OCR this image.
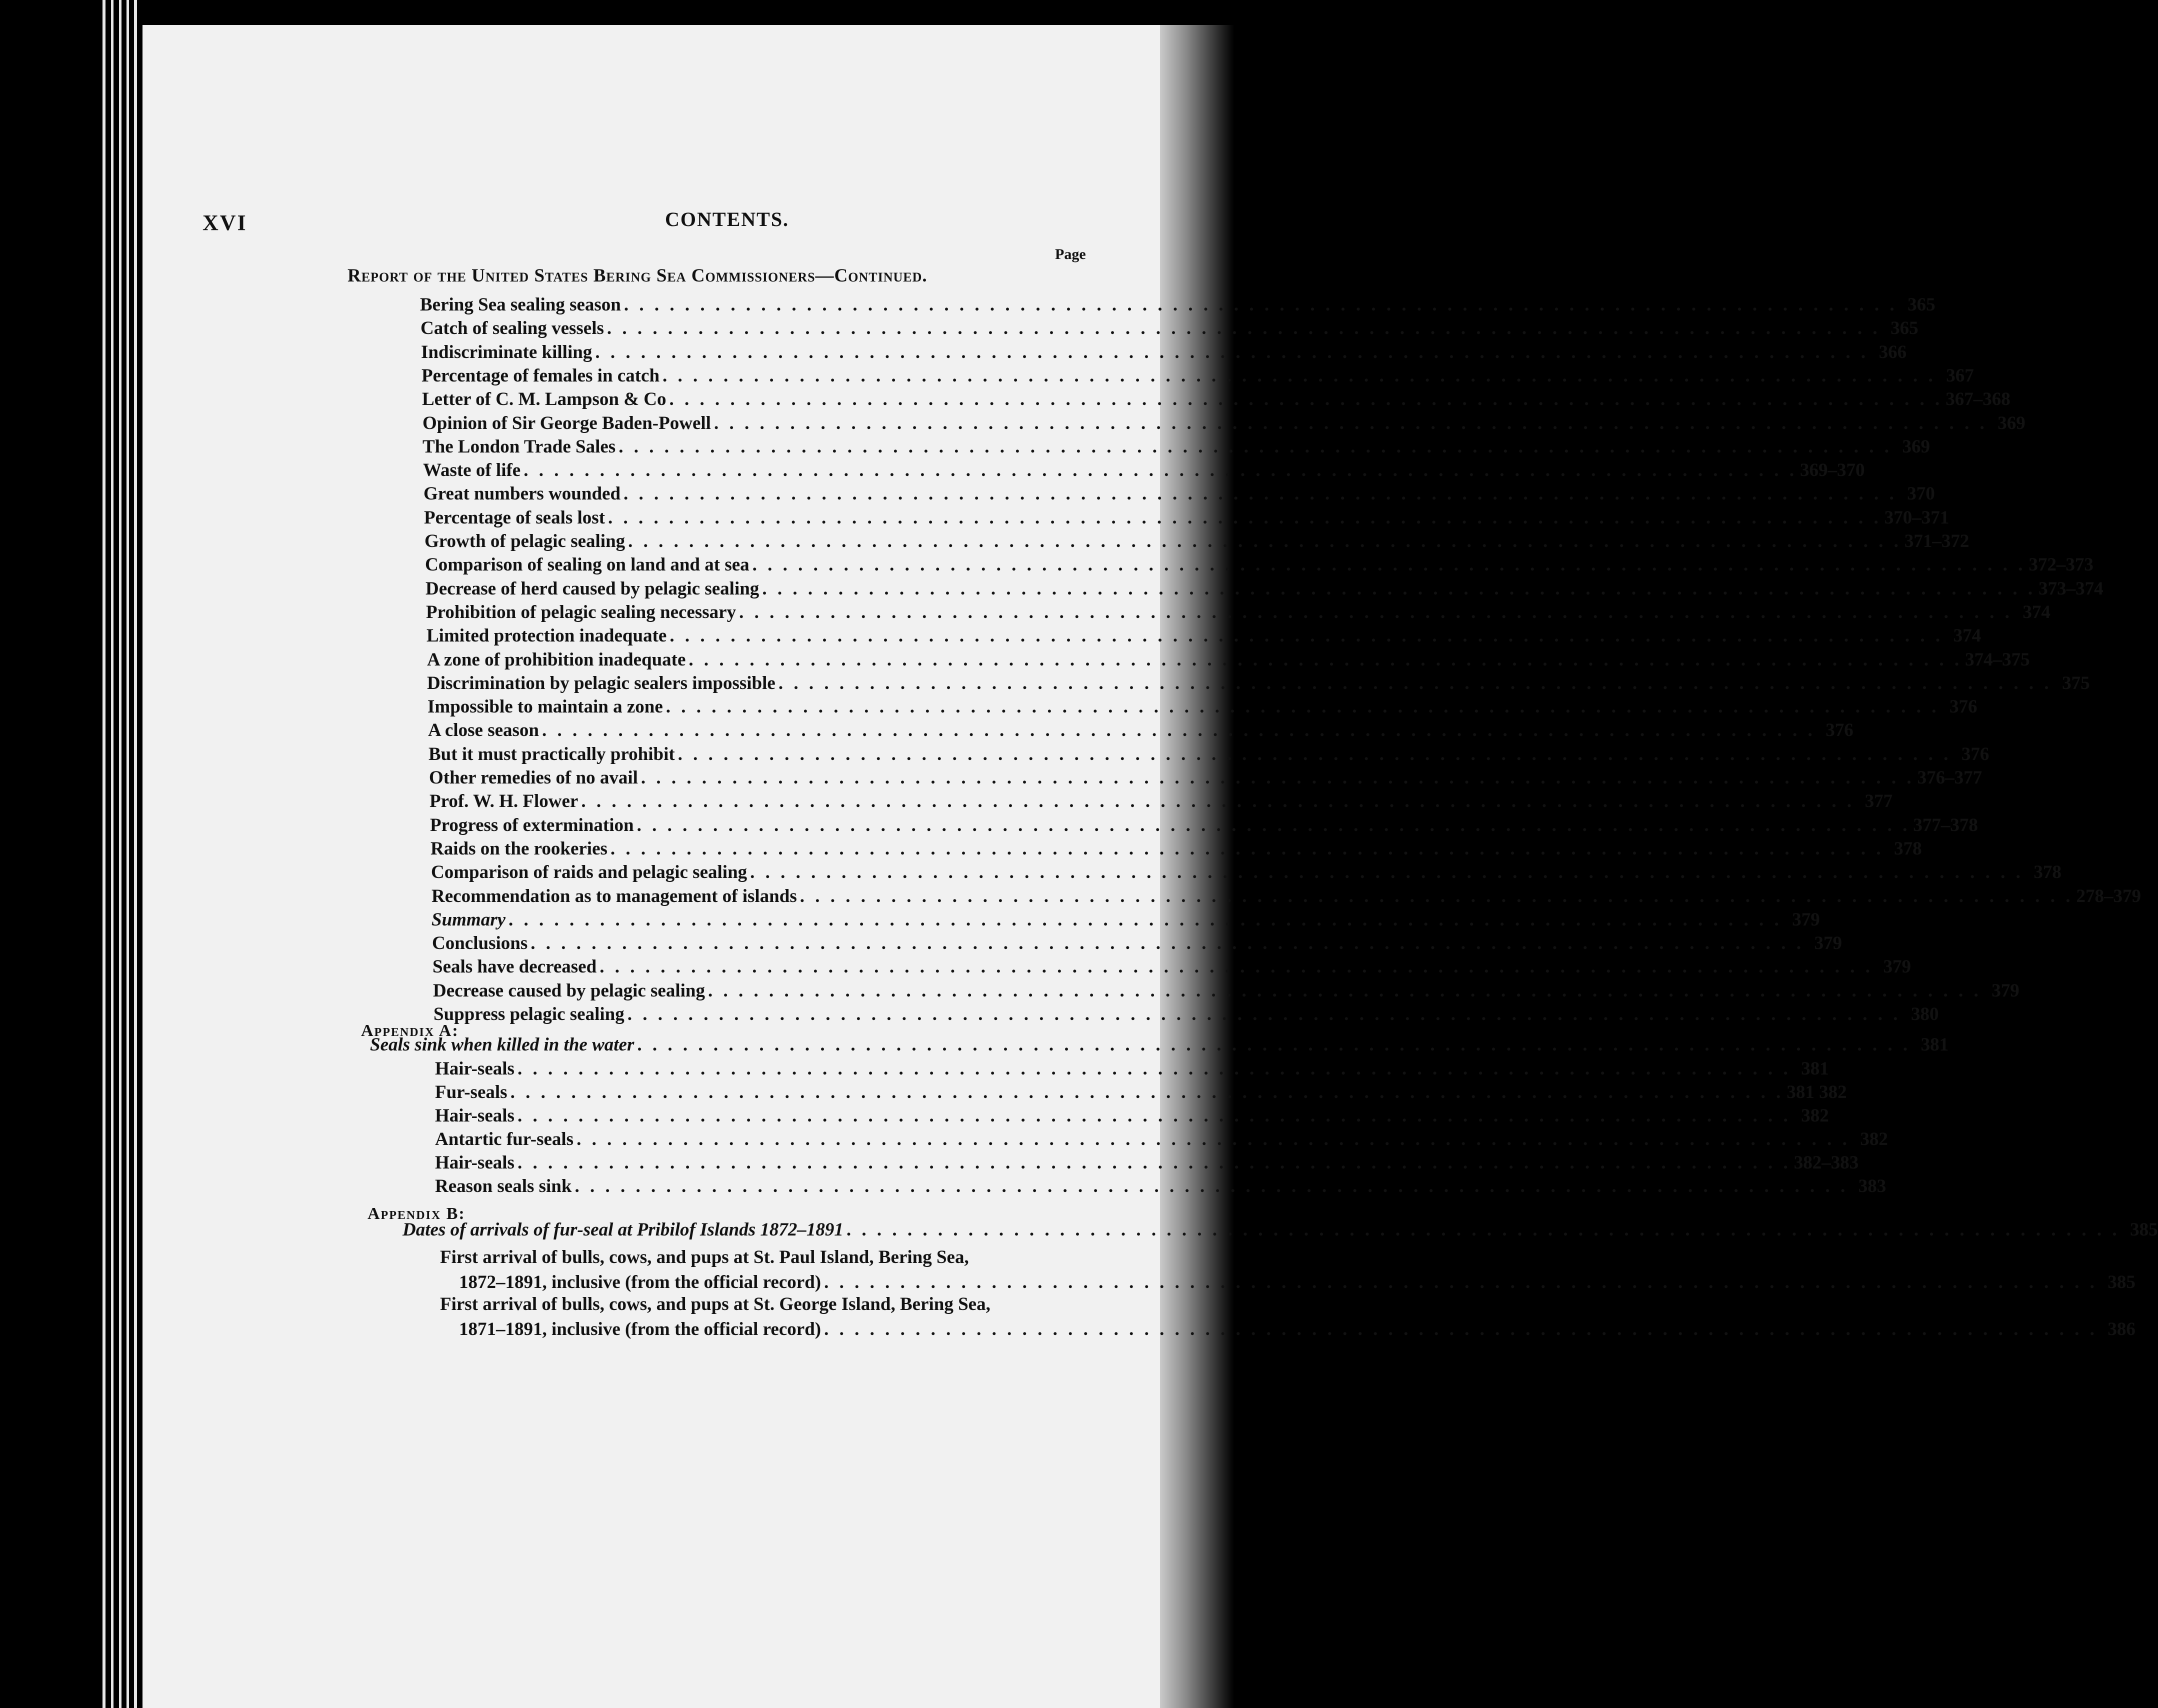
XVI	CONTENTS.
Page
Report of the United States Bering Sea Commissioners—Continued.
Bering Sea sealing season . . . . . . . . . . . . . . . . . . . . . . . . . . . . . . . . . . . . . . . . . . . . . . . . . . . . . . . . . . . . . . . . . . . . . . . . . . . . . . . . . . . . 365
Catch of sealing vessels . . . . . . . . . . . . . . . . . . . . . . . . . . . . . . . . . . . . . . . . . . . . . . . . . . . . . . . . . . . . . . . . . . . . . . . . . . . . . . . . . . . . 365
Indiscriminate killing . . . . . . . . . . . . . . . . . . . . . . . . . . . . . . . . . . . . . . . . . . . . . . . . . . . . . . . . . . . . . . . . . . . . . . . . . . . . . . . . . . . . 366
Percentage of females in catch . . . . . . . . . . . . . . . . . . . . . . . . . . . . . . . . . . . . . . . . . . . . . . . . . . . . . . . . . . . . . . . . . . . . . . . . . . . . . . . . . . . . 367
Letter of C. M. Lampson & Co . . . . . . . . . . . . . . . . . . . . . . . . . . . . . . . . . . . . . . . . . . . . . . . . . . . . . . . . . . . . . . . . . . . . . . . . . . . . . . . . . . . . 367–368
Opinion of Sir George Baden-Powell . . . . . . . . . . . . . . . . . . . . . . . . . . . . . . . . . . . . . . . . . . . . . . . . . . . . . . . . . . . . . . . . . . . . . . . . . . . . . . . . . . . . 369
The London Trade Sales . . . . . . . . . . . . . . . . . . . . . . . . . . . . . . . . . . . . . . . . . . . . . . . . . . . . . . . . . . . . . . . . . . . . . . . . . . . . . . . . . . . . 369
Waste of life . . . . . . . . . . . . . . . . . . . . . . . . . . . . . . . . . . . . . . . . . . . . . . . . . . . . . . . . . . . . . . . . . . . . . . . . . . . . . . . . . . . . 369–370
Great numbers wounded . . . . . . . . . . . . . . . . . . . . . . . . . . . . . . . . . . . . . . . . . . . . . . . . . . . . . . . . . . . . . . . . . . . . . . . . . . . . . . . . . . . . 370
Percentage of seals lost . . . . . . . . . . . . . . . . . . . . . . . . . . . . . . . . . . . . . . . . . . . . . . . . . . . . . . . . . . . . . . . . . . . . . . . . . . . . . . . . . . . . 370–371
Growth of pelagic sealing . . . . . . . . . . . . . . . . . . . . . . . . . . . . . . . . . . . . . . . . . . . . . . . . . . . . . . . . . . . . . . . . . . . . . . . . . . . . . . . . . . . . 371–372
Comparison of sealing on land and at sea . . . . . . . . . . . . . . . . . . . . . . . . . . . . . . . . . . . . . . . . . . . . . . . . . . . . . . . . . . . . . . . . . . . . . . . . . . . . . . . . . . . . 372–373
Decrease of herd caused by pelagic sealing . . . . . . . . . . . . . . . . . . . . . . . . . . . . . . . . . . . . . . . . . . . . . . . . . . . . . . . . . . . . . . . . . . . . . . . . . . . . . . . . . . . . 373–374
Prohibition of pelagic sealing necessary . . . . . . . . . . . . . . . . . . . . . . . . . . . . . . . . . . . . . . . . . . . . . . . . . . . . . . . . . . . . . . . . . . . . . . . . . . . . . . . . . . . . 374
Limited protection inadequate . . . . . . . . . . . . . . . . . . . . . . . . . . . . . . . . . . . . . . . . . . . . . . . . . . . . . . . . . . . . . . . . . . . . . . . . . . . . . . . . . . . . 374
A zone of prohibition inadequate . . . . . . . . . . . . . . . . . . . . . . . . . . . . . . . . . . . . . . . . . . . . . . . . . . . . . . . . . . . . . . . . . . . . . . . . . . . . . . . . . . . . 374–375
Discrimination by pelagic sealers impossible . . . . . . . . . . . . . . . . . . . . . . . . . . . . . . . . . . . . . . . . . . . . . . . . . . . . . . . . . . . . . . . . . . . . . . . . . . . . . . . . . . . . 375
Impossible to maintain a zone . . . . . . . . . . . . . . . . . . . . . . . . . . . . . . . . . . . . . . . . . . . . . . . . . . . . . . . . . . . . . . . . . . . . . . . . . . . . . . . . . . . . 376
A close season . . . . . . . . . . . . . . . . . . . . . . . . . . . . . . . . . . . . . . . . . . . . . . . . . . . . . . . . . . . . . . . . . . . . . . . . . . . . . . . . . . . . 376
But it must practically prohibit . . . . . . . . . . . . . . . . . . . . . . . . . . . . . . . . . . . . . . . . . . . . . . . . . . . . . . . . . . . . . . . . . . . . . . . . . . . . . . . . . . . . 376
Other remedies of no avail . . . . . . . . . . . . . . . . . . . . . . . . . . . . . . . . . . . . . . . . . . . . . . . . . . . . . . . . . . . . . . . . . . . . . . . . . . . . . . . . . . . . 376–377
Prof. W. H. Flower . . . . . . . . . . . . . . . . . . . . . . . . . . . . . . . . . . . . . . . . . . . . . . . . . . . . . . . . . . . . . . . . . . . . . . . . . . . . . . . . . . . . 377
Progress of extermination . . . . . . . . . . . . . . . . . . . . . . . . . . . . . . . . . . . . . . . . . . . . . . . . . . . . . . . . . . . . . . . . . . . . . . . . . . . . . . . . . . . . 377–378
Raids on the rookeries . . . . . . . . . . . . . . . . . . . . . . . . . . . . . . . . . . . . . . . . . . . . . . . . . . . . . . . . . . . . . . . . . . . . . . . . . . . . . . . . . . . . 378
Comparison of raids and pelagic sealing . . . . . . . . . . . . . . . . . . . . . . . . . . . . . . . . . . . . . . . . . . . . . . . . . . . . . . . . . . . . . . . . . . . . . . . . . . . . . . . . . . . . 378
Recommendation as to management of islands . . . . . . . . . . . . . . . . . . . . . . . . . . . . . . . . . . . . . . . . . . . . . . . . . . . . . . . . . . . . . . . . . . . . . . . . . . . . . . . . . . . . 278–379
Summary . . . . . . . . . . . . . . . . . . . . . . . . . . . . . . . . . . . . . . . . . . . . . . . . . . . . . . . . . . . . . . . . . . . . . . . . . . . . . . . . . . . . 379
Conclusions . . . . . . . . . . . . . . . . . . . . . . . . . . . . . . . . . . . . . . . . . . . . . . . . . . . . . . . . . . . . . . . . . . . . . . . . . . . . . . . . . . . . 379
Seals have decreased . . . . . . . . . . . . . . . . . . . . . . . . . . . . . . . . . . . . . . . . . . . . . . . . . . . . . . . . . . . . . . . . . . . . . . . . . . . . . . . . . . . . 379
Decrease caused by pelagic sealing . . . . . . . . . . . . . . . . . . . . . . . . . . . . . . . . . . . . . . . . . . . . . . . . . . . . . . . . . . . . . . . . . . . . . . . . . . . . . . . . . . . . 379
Suppress pelagic sealing . . . . . . . . . . . . . . . . . . . . . . . . . . . . . . . . . . . . . . . . . . . . . . . . . . . . . . . . . . . . . . . . . . . . . . . . . . . . . . . . . . . . 380
Appendix A:
Appendix B:
Seals sink when killed in the water . . . . . . . . . . . . . . . . . . . . . . . . . . . . . . . . . . . . . . . . . . . . . . . . . . . . . . . . . . . . . . . . . . . . . . . . . . . . . . . . . . . . 381
Hair-seals . . . . . . . . . . . . . . . . . . . . . . . . . . . . . . . . . . . . . . . . . . . . . . . . . . . . . . . . . . . . . . . . . . . . . . . . . . . . . . . . . . . . 381
Fur-seals . . . . . . . . . . . . . . . . . . . . . . . . . . . . . . . . . . . . . . . . . . . . . . . . . . . . . . . . . . . . . . . . . . . . . . . . . . . . . . . . . . . . 381 382
Hair-seals . . . . . . . . . . . . . . . . . . . . . . . . . . . . . . . . . . . . . . . . . . . . . . . . . . . . . . . . . . . . . . . . . . . . . . . . . . . . . . . . . . . . 382
Antartic fur-seals . . . . . . . . . . . . . . . . . . . . . . . . . . . . . . . . . . . . . . . . . . . . . . . . . . . . . . . . . . . . . . . . . . . . . . . . . . . . . . . . . . . . 382
Hair-seals . . . . . . . . . . . . . . . . . . . . . . . . . . . . . . . . . . . . . . . . . . . . . . . . . . . . . . . . . . . . . . . . . . . . . . . . . . . . . . . . . . . . 382–383
Reason seals sink . . . . . . . . . . . . . . . . . . . . . . . . . . . . . . . . . . . . . . . . . . . . . . . . . . . . . . . . . . . . . . . . . . . . . . . . . . . . . . . . . . . . 383
Dates of arrivals of fur-seal at Pribilof Islands 1872–1891 . . . . . . . . . . . . . . . . . . . . . . . . . . . . . . . . . . . . . . . . . . . . . . . . . . . . . . . . . . . . . . . . . . . . . . . . . . . . . . . . . . . . 385
First arrival of bulls, cows, and pups at St. Paul Island, Bering Sea,
1872–1891, inclusive (from the official record) . . . . . . . . . . . . . . . . . . . . . . . . . . . . . . . . . . . . . . . . . . . . . . . . . . . . . . . . . . . . . . . . . . . . . . . . . . . . . . . . . . . . 385
First arrival of bulls, cows, and pups at St. George Island, Bering Sea,
1871–1891, inclusive (from the official record) . . . . . . . . . . . . . . . . . . . . . . . . . . . . . . . . . . . . . . . . . . . . . . . . . . . . . . . . . . . . . . . . . . . . . . . . . . . . . . . . . . . . 386
